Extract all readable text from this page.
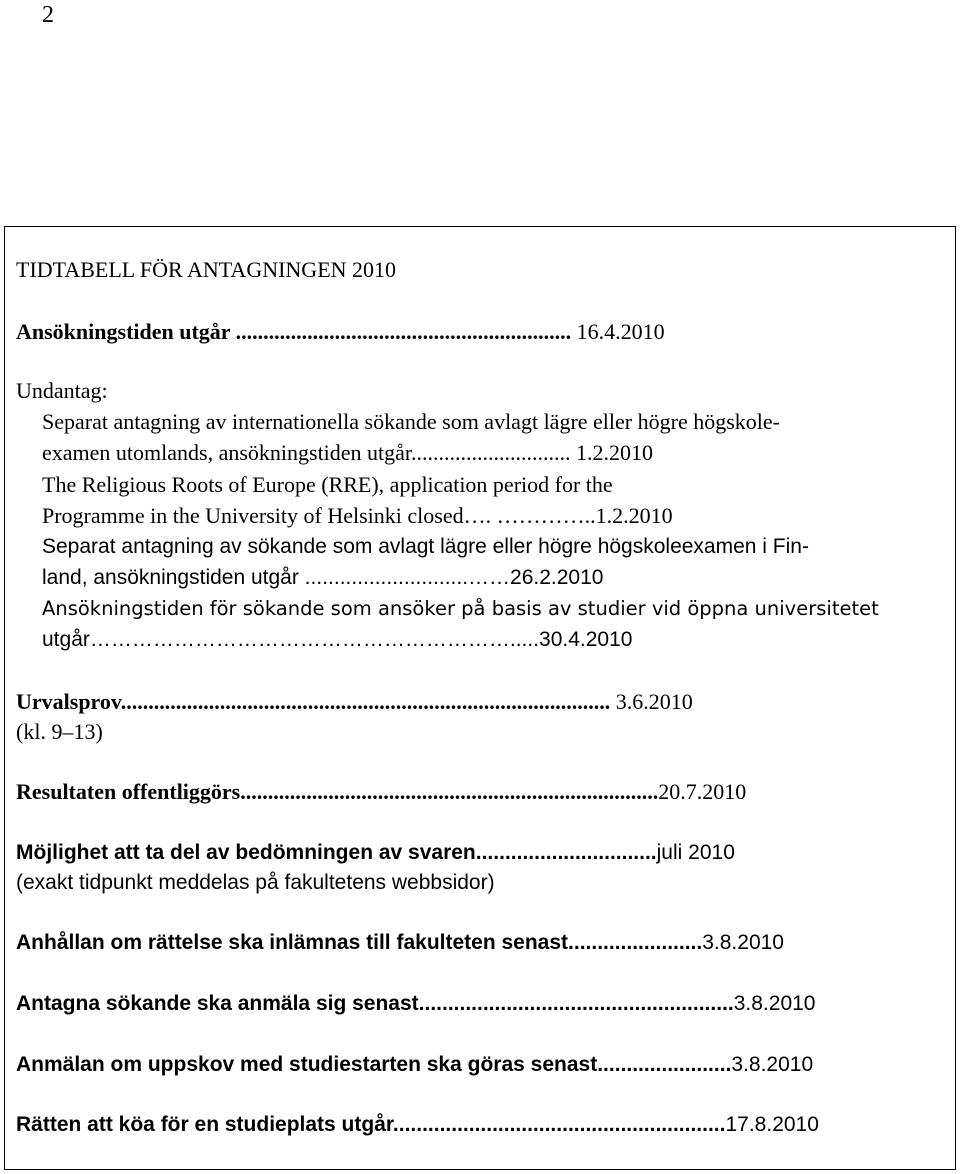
2
TIDTABELL FÖR ANTAGNINGEN 2010
Ansökningstiden utgår ............................................................. 16.4.2010
Undantag:
Separat antagning av internationella sökande som avlagt lägre eller högre högskole-
examen utomlands, ansökningstiden utgår............................. 1.2.2010
The Religious Roots of Europe (RRE), application period for the
Programme in the University of Helsinki closed…. …………..1.2.2010
Separat antagning av sökande som avlagt lägre eller högre högskoleexamen i Fin-
land, ansökningstiden utgår ............................……26.2.2010
Ansökningstiden för sökande som ansöker på basis av studier vid öppna universitetet
utgår…………………………………………………….....30.4.2010
Urvalsprov......................................................................................... 3.6.2010
(kl. 9–13)
Resultaten offentliggörs............................................................................20.7.2010
Möjlighet att ta del av bedömningen av svaren...............................juli 2010
(exakt tidpunkt meddelas på fakultetens webbsidor)
Anhållan om rättelse ska inlämnas till fakulteten senast.......................3.8.2010
Antagna sökande ska anmäla sig senast......................................................3.8.2010
Anmälan om uppskov med studiestarten ska göras senast.......................3.8.2010
Rätten att köa för en studieplats utgår.........................................................17.8.2010
